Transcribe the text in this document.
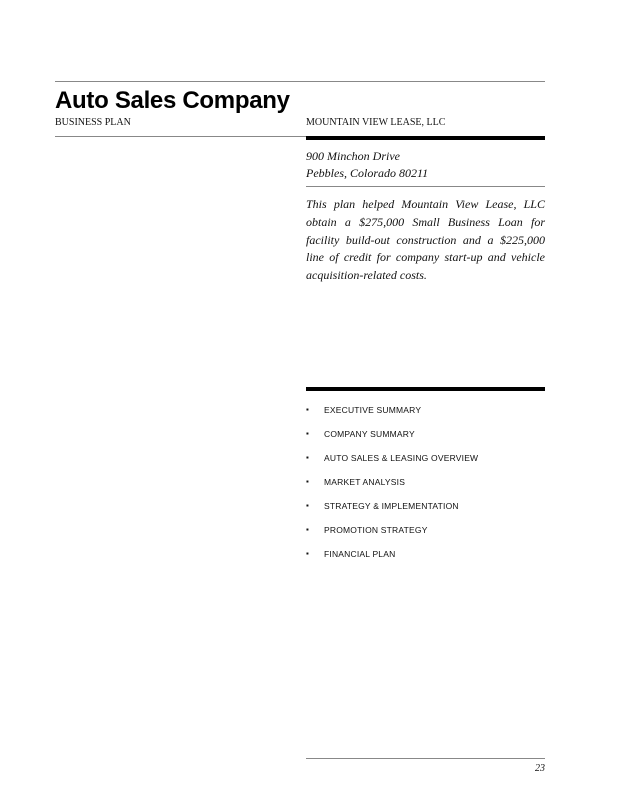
Auto Sales Company
BUSINESS PLAN	MOUNTAIN VIEW LEASE, LLC
900 Minchon Drive
Pebbles, Colorado 80211
This plan helped Mountain View Lease, LLC obtain a $275,000 Small Business Loan for facility build-out construction and a $225,000 line of credit for company start-up and vehicle acquisition-related costs.
▪	EXECUTIVE SUMMARY
▪	COMPANY SUMMARY
▪	AUTO SALES & LEASING OVERVIEW
▪	MARKET ANALYSIS
▪	STRATEGY & IMPLEMENTATION
▪	PROMOTION STRATEGY
▪	FINANCIAL PLAN
23
